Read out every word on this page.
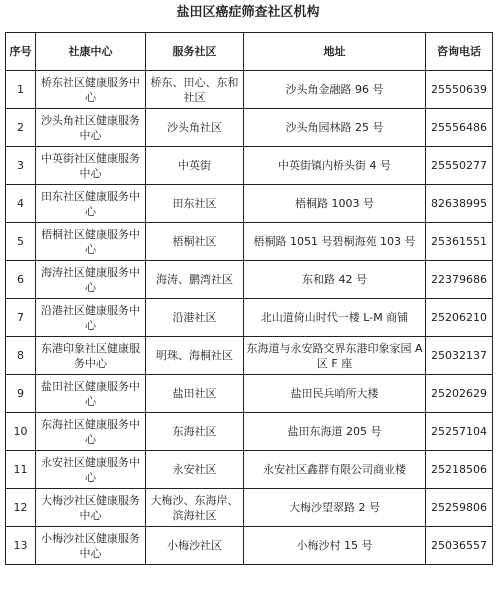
盐田区癌症筛查社区机构
序号	社康中心	服务社区	地址	咨询电话
1	桥东社区健康服务中心	桥东、田心、东和社区	沙头角金融路 96 号	25550639
2	沙头角社区健康服务中心	沙头角社区	沙头角园林路 25 号	25556486
3	中英街社区健康服务中心	中英街	中英街镇内桥头街 4 号	25550277
4	田东社区健康服务中心	田东社区	梧桐路 1003 号	82638995
5	梧桐社区健康服务中心	梧桐社区	梧桐路 1051 号碧桐海苑 103 号	25361551
6	海涛社区健康服务中心	海涛、鹏湾社区	东和路 42 号	22379686
7	沿港社区健康服务中心	沿港社区	北山道倚山时代一楼 L-M 商铺	25206210
8	东港印象社区健康服务中心	明珠、海桐社区	东海道与永安路交界东港印象家园 A 区 F 座	25032137
9	盐田社区健康服务中心	盐田社区	盐田民兵哨所大楼	25202629
10	东海社区健康服务中心	东海社区	盐田东海道 205 号	25257104
11	永安社区健康服务中心	永安社区	永安社区鑫群有限公司商业楼	25218506
12	大梅沙社区健康服务中心	大梅沙、东海岸、滨海社区	大梅沙望翠路 2 号	25259806
13	小梅沙社区健康服务中心	小梅沙社区	小梅沙村 15 号	25036557
